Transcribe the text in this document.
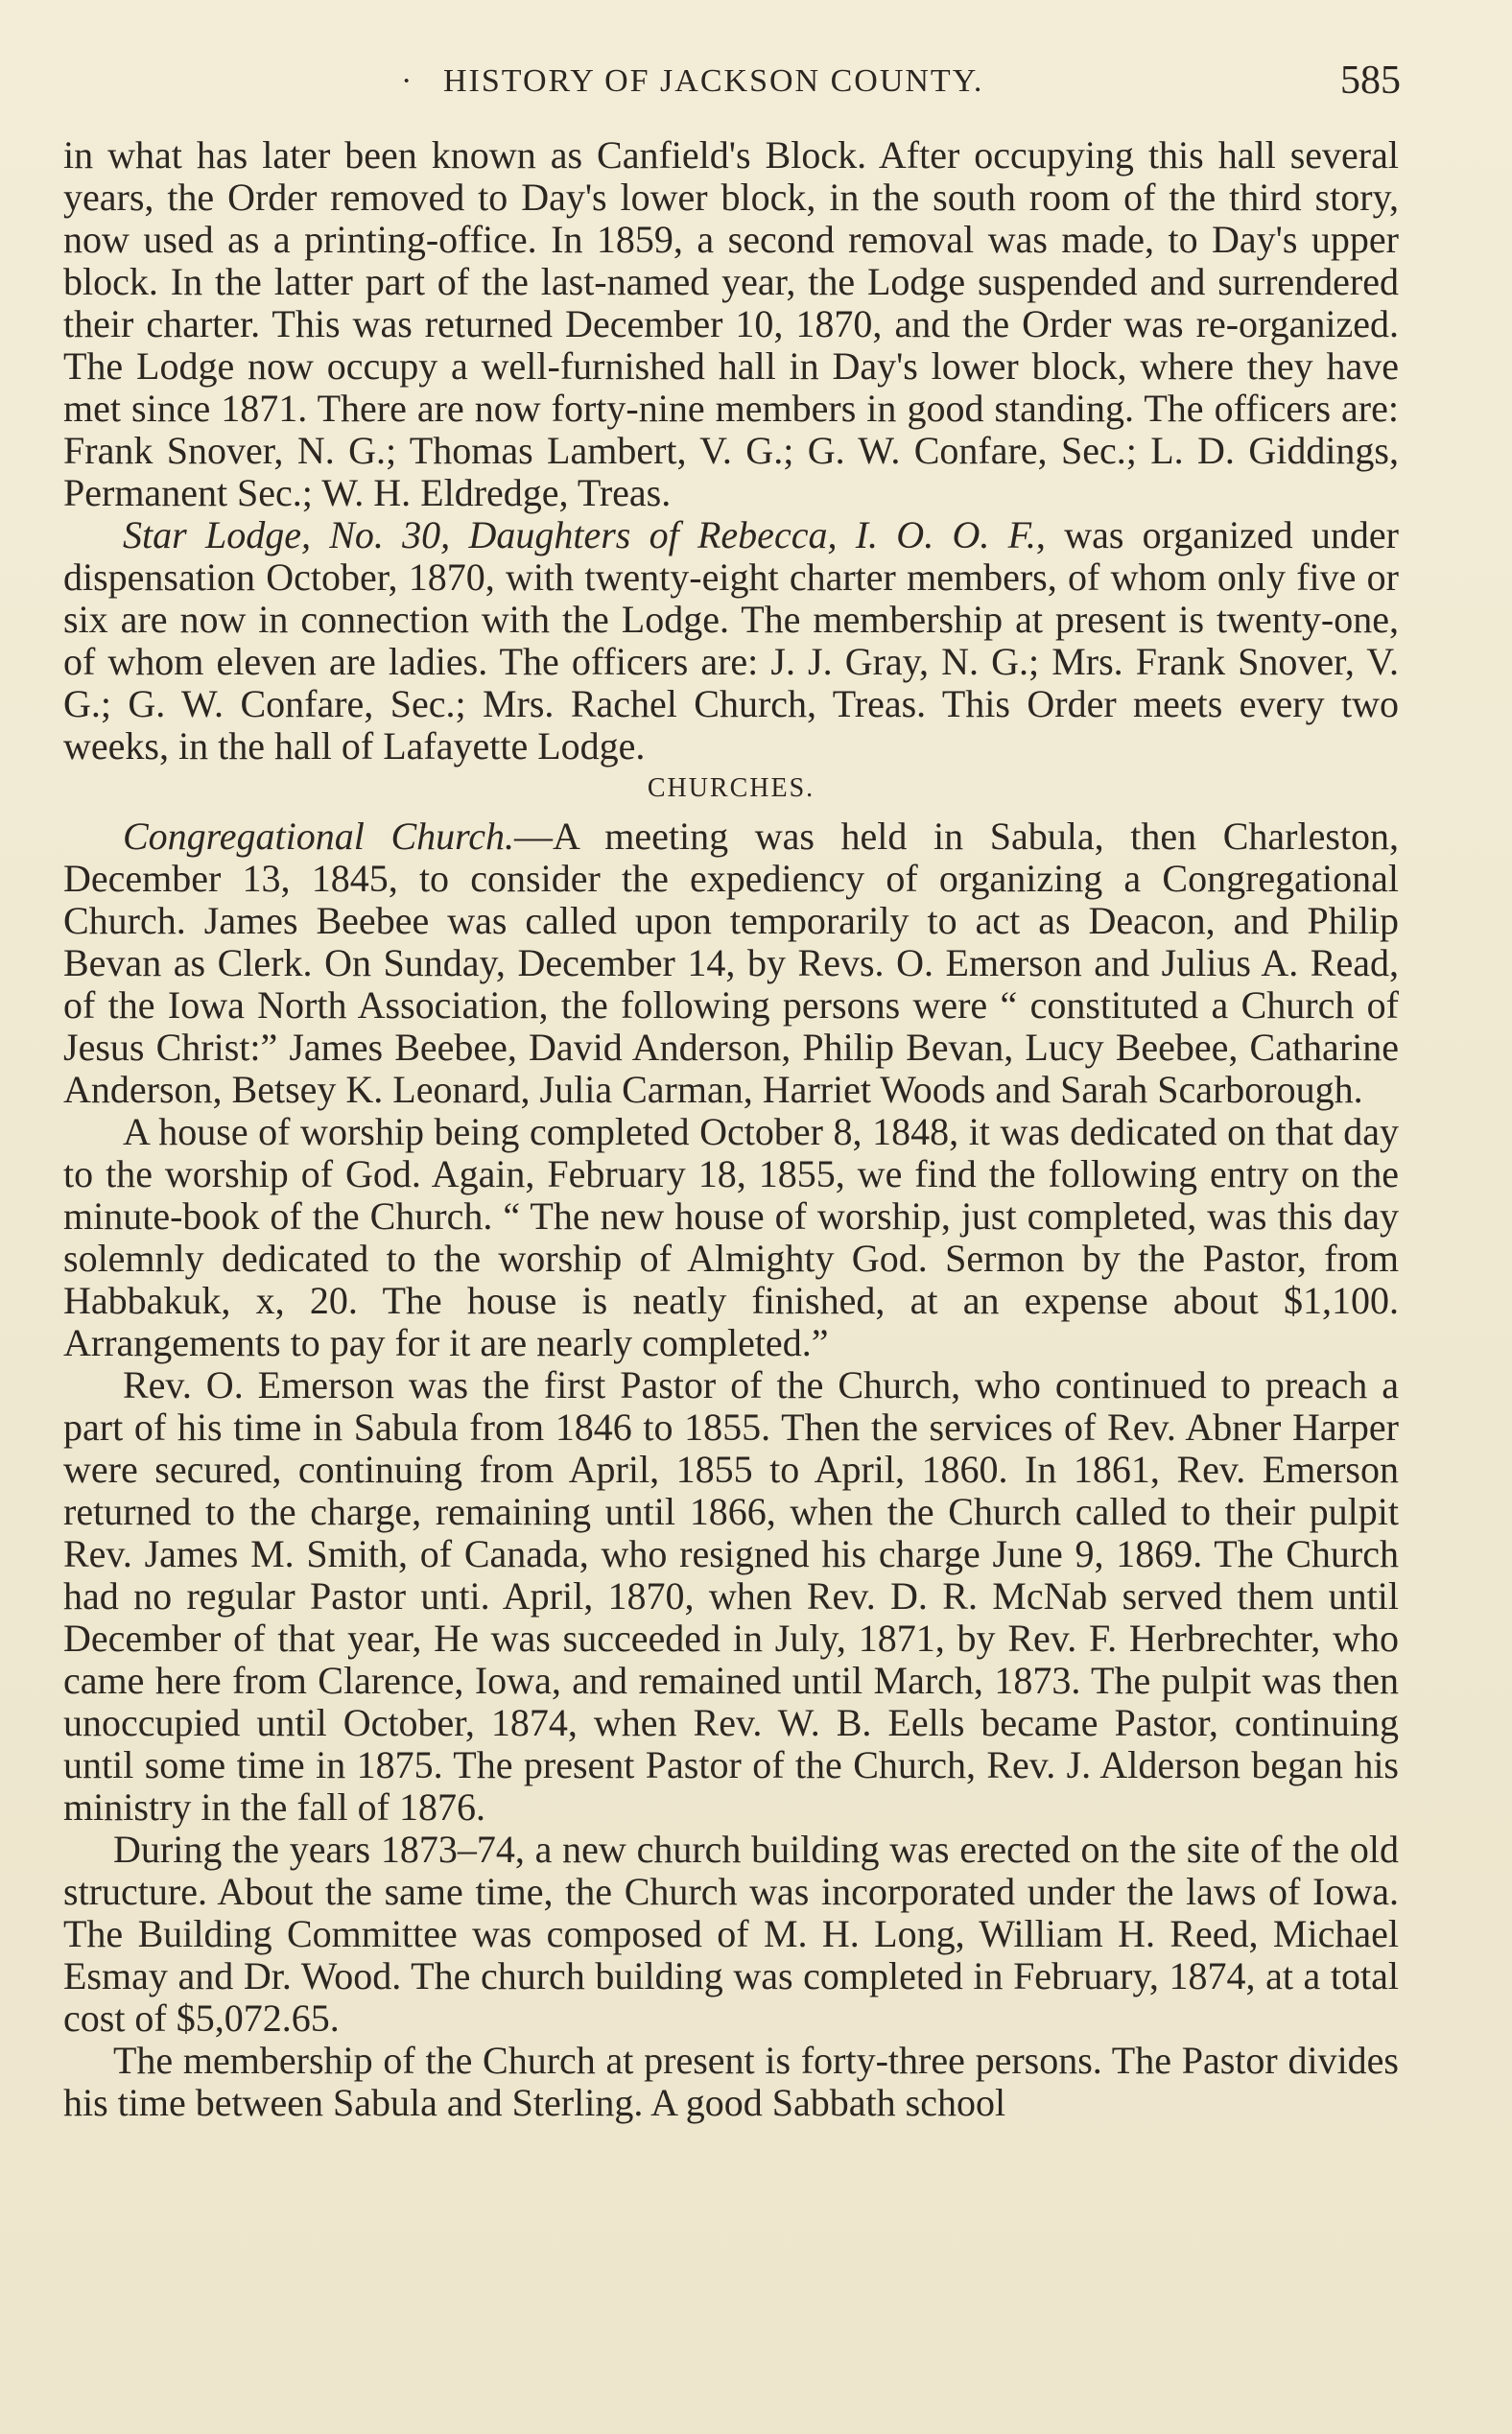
· HISTORY OF JACKSON COUNTY.	585

in what has later been known as Canfield's Block. After occupying this hall several years, the Order removed to Day's lower block, in the south room of the third story, now used as a printing-office. In 1859, a second removal was made, to Day's upper block. In the latter part of the last-named year, the Lodge suspended and surrendered their charter. This was returned December 10, 1870, and the Order was re-organized. The Lodge now occupy a well-furnished hall in Day's lower block, where they have met since 1871. There are now forty-nine members in good standing. The officers are: Frank Snover, N. G.; Thomas Lambert, V. G.; G. W. Confare, Sec.; L. D. Giddings, Permanent Sec.; W. H. Eldredge, Treas.

Star Lodge, No. 30, Daughters of Rebecca, I. O. O. F., was organized under dispensation October, 1870, with twenty-eight charter members, of whom only five or six are now in connection with the Lodge. The membership at present is twenty-one, of whom eleven are ladies. The officers are: J. J. Gray, N. G.; Mrs. Frank Snover, V. G.; G. W. Confare, Sec.; Mrs. Rachel Church, Treas. This Order meets every two weeks, in the hall of Lafayette Lodge.

CHURCHES.

Congregational Church.—A meeting was held in Sabula, then Charleston, December 13, 1845, to consider the expediency of organizing a Congregational Church. James Beebee was called upon temporarily to act as Deacon, and Philip Bevan as Clerk. On Sunday, December 14, by Revs. O. Emerson and Julius A. Read, of the Iowa North Association, the following persons were “ constituted a Church of Jesus Christ:” James Beebee, David Anderson, Philip Bevan, Lucy Beebee, Catharine Anderson, Betsey K. Leonard, Julia Carman, Harriet Woods and Sarah Scarborough.

A house of worship being completed October 8, 1848, it was dedicated on that day to the worship of God. Again, February 18, 1855, we find the following entry on the minute-book of the Church. “ The new house of worship, just completed, was this day solemnly dedicated to the worship of Almighty God. Sermon by the Pastor, from Habbakuk, x, 20. The house is neatly finished, at an expense about $1,100. Arrangements to pay for it are nearly completed.”

Rev. O. Emerson was the first Pastor of the Church, who continued to preach a part of his time in Sabula from 1846 to 1855. Then the services of Rev. Abner Harper were secured, continuing from April, 1855 to April, 1860. In 1861, Rev. Emerson returned to the charge, remaining until 1866, when the Church called to their pulpit Rev. James M. Smith, of Canada, who resigned his charge June 9, 1869. The Church had no regular Pastor unti. April, 1870, when Rev. D. R. McNab served them until December of that year, He was succeeded in July, 1871, by Rev. F. Herbrechter, who came here from Clarence, Iowa, and remained until March, 1873. The pulpit was then unoccupied until October, 1874, when Rev. W. B. Eells became Pastor, continuing until some time in 1875. The present Pastor of the Church, Rev. J. Alderson began his ministry in the fall of 1876.

During the years 1873–74, a new church building was erected on the site of the old structure. About the same time, the Church was incorporated under the laws of Iowa. The Building Committee was composed of M. H. Long, William H. Reed, Michael Esmay and Dr. Wood. The church building was completed in February, 1874, at a total cost of $5,072.65.

The membership of the Church at present is forty-three persons. The Pastor divides his time between Sabula and Sterling. A good Sabbath school
